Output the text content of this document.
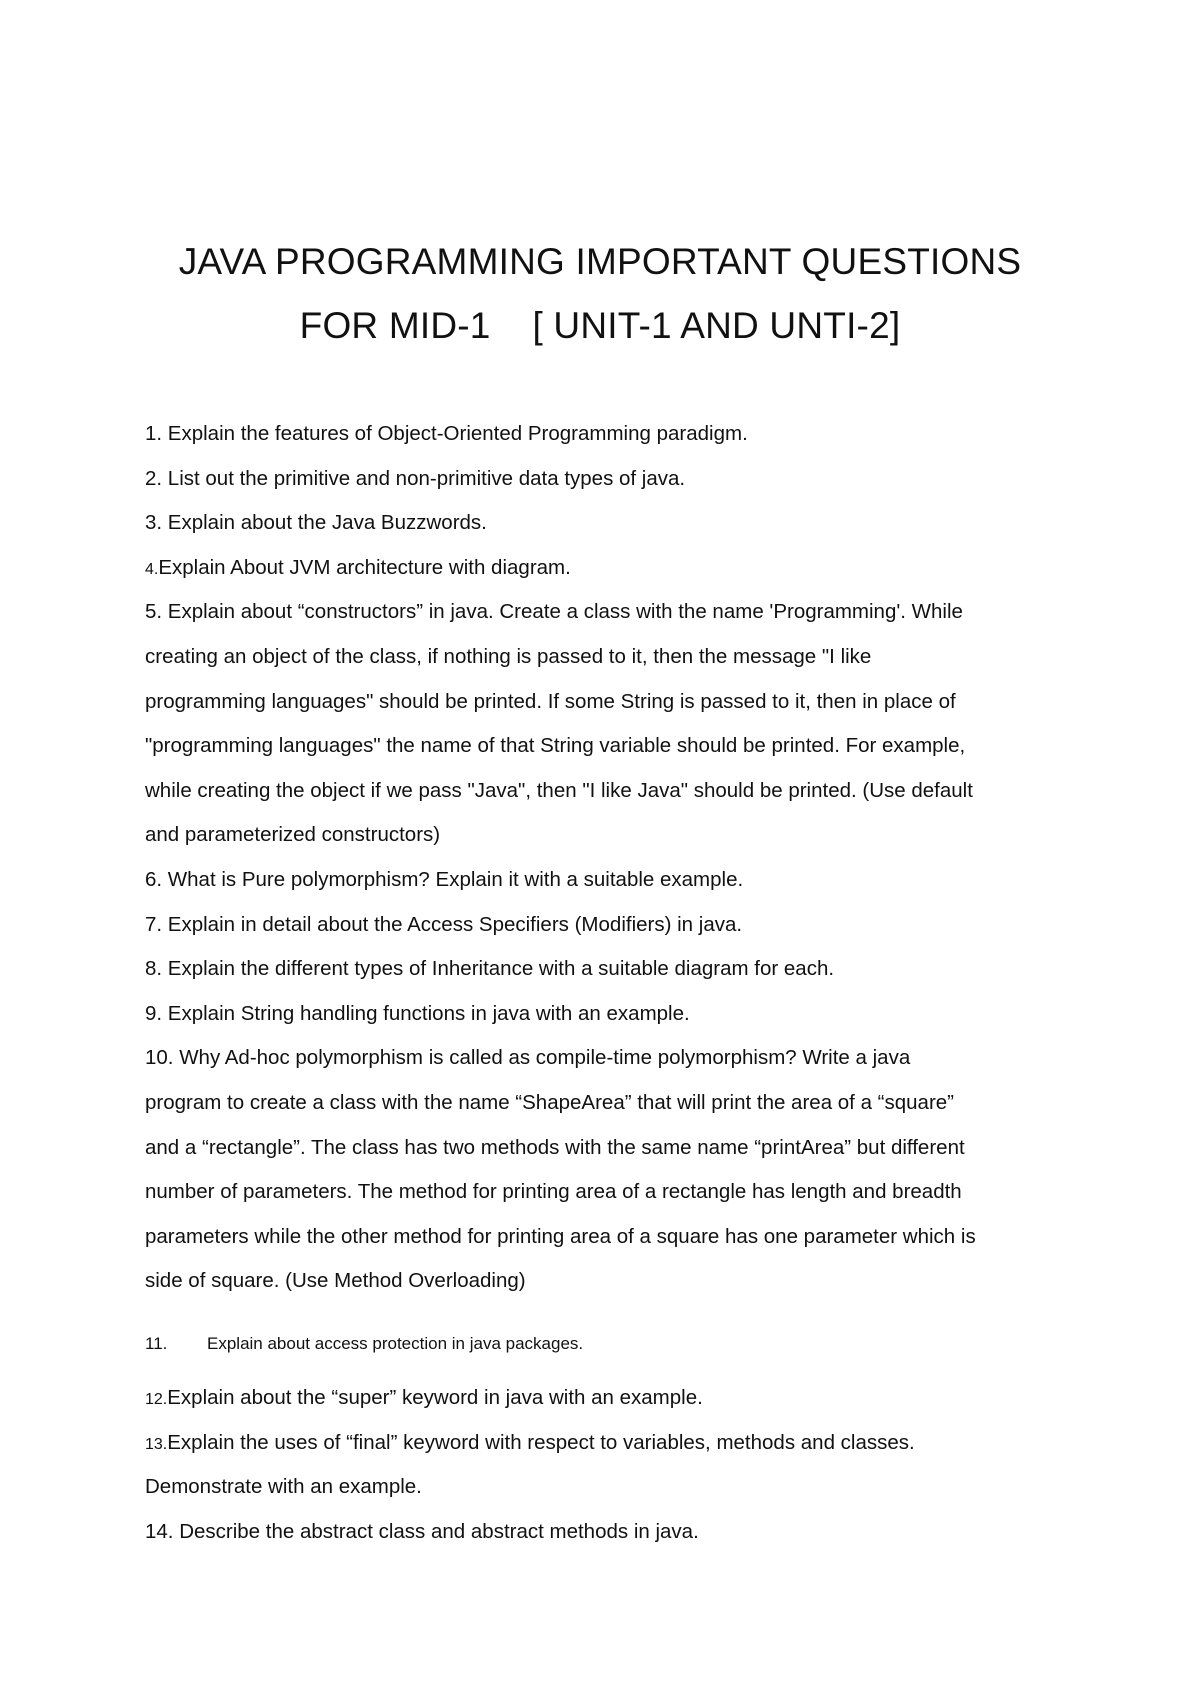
JAVA PROGRAMMING IMPORTANT QUESTIONS
FOR MID-1    [ UNIT-1 AND UNTI-2]
1. Explain the features of Object-Oriented Programming paradigm.
2. List out the primitive and non-primitive data types of java.
3. Explain about the Java Buzzwords.
4.Explain About JVM architecture with diagram.
5. Explain about “constructors” in java. Create a class with the name 'Programming'. While
creating an object of the class, if nothing is passed to it, then the message "I like
programming languages" should be printed. If some String is passed to it, then in place of
"programming languages" the name of that String variable should be printed. For example,
while creating the object if we pass "Java", then "I like Java" should be printed. (Use default
and parameterized constructors)
6. What is Pure polymorphism? Explain it with a suitable example.
7. Explain in detail about the Access Specifiers (Modifiers) in java.
8. Explain the different types of Inheritance with a suitable diagram for each.
9. Explain String handling functions in java with an example.
10. Why Ad-hoc polymorphism is called as compile-time polymorphism? Write a java
program to create a class with the name “ShapeArea” that will print the area of a “square”
and a “rectangle”. The class has two methods with the same name “printArea” but different
number of parameters. The method for printing area of a rectangle has length and breadth
parameters while the other method for printing area of a square has one parameter which is
side of square. (Use Method Overloading)
11. Explain about access protection in java packages.
12.Explain about the “super” keyword in java with an example.
13.Explain the uses of “final” keyword with respect to variables, methods and classes.
Demonstrate with an example.
14. Describe the abstract class and abstract methods in java.
